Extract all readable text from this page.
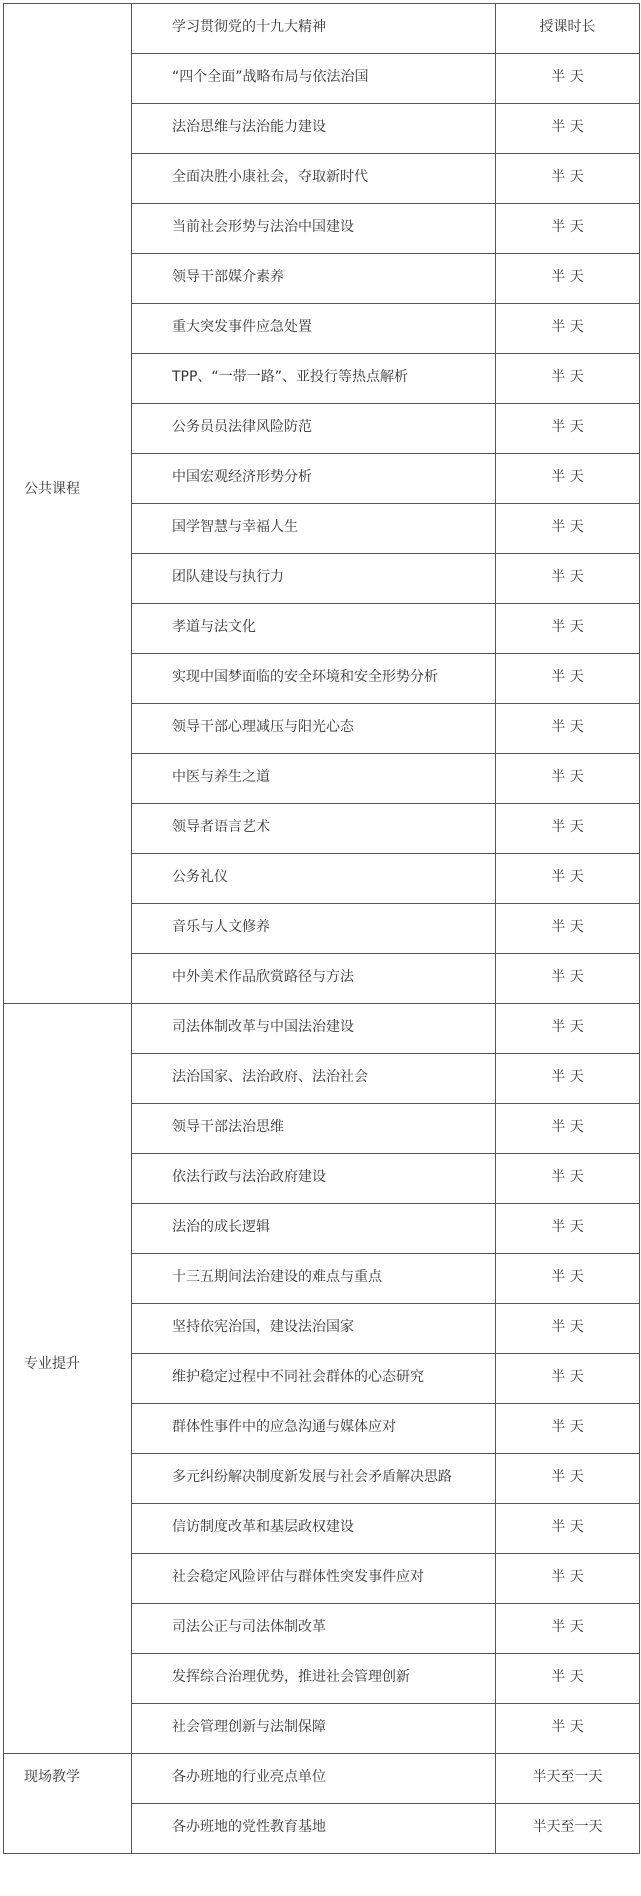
公共课程	学习贯彻党的十九大精神	授课时长
	“四个全面”战略布局与依法治国	半 天
	法治思维与法治能力建设	半 天
	全面决胜小康社会，夺取新时代	半 天
	当前社会形势与法治中国建设	半 天
	领导干部媒介素养	半 天
	重大突发事件应急处置	半 天
	TPP、“一带一路”、亚投行等热点解析	半 天
	公务员员法律风险防范	半 天
	中国宏观经济形势分析	半 天
	国学智慧与幸福人生	半 天
	团队建设与执行力	半 天
	孝道与法文化	半 天
	实现中国梦面临的安全环境和安全形势分析	半 天
	领导干部心理减压与阳光心态	半 天
	中医与养生之道	半 天
	领导者语言艺术	半 天
	公务礼仪	半 天
	音乐与人文修养	半 天
	中外美术作品欣赏路径与方法	半 天
专业提升	司法体制改革与中国法治建设	半 天
	法治国家、法治政府、法治社会	半 天
	领导干部法治思维	半 天
	依法行政与法治政府建设	半 天
	法治的成长逻辑	半 天
	十三五期间法治建设的难点与重点	半 天
	坚持依宪治国，建设法治国家	半 天
	维护稳定过程中不同社会群体的心态研究	半 天
	群体性事件中的应急沟通与媒体应对	半 天
	多元纠纷解决制度新发展与社会矛盾解决思路	半 天
	信访制度改革和基层政权建设	半 天
	社会稳定风险评估与群体性突发事件应对	半 天
	司法公正与司法体制改革	半 天
	发挥综合治理优势，推进社会管理创新	半 天
	社会管理创新与法制保障	半 天
现场教学	各办班地的行业亮点单位	半天至一天
	各办班地的党性教育基地	半天至一天
